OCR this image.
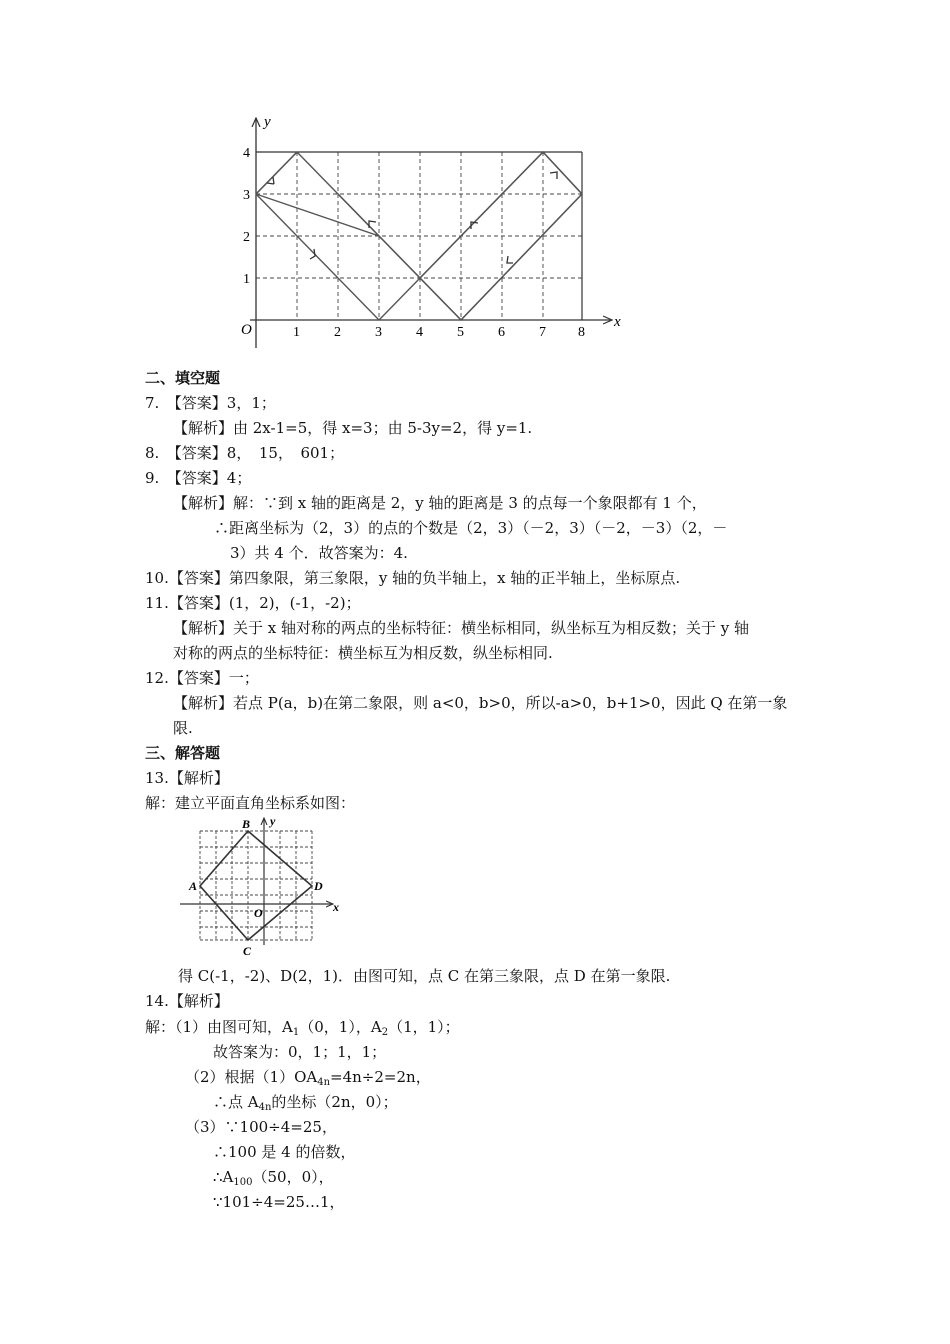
y
x
O	1 2 3 4 5 6 7 8
1
2
3
4
二、填空题
7.　【答案】3，1；
【解析】由 2x-1=5，得 x=3；由 5-3y=2，得 y=1.
8.　【答案】8，　15，　601；
9.　【答案】4；
【解析】解：∵到 x 轴的距离是 2，y 轴的距离是 3 的点每一个象限都有 1 个，
∴距离坐标为（2，3）的点的个数是（2，3）（－2，3）（－2，－3）（2，－
3）共 4 个．故答案为：4.
10.【答案】第四象限，第三象限，y 轴的负半轴上，x 轴的正半轴上，坐标原点.
11.【答案】(1，2)，(-1，-2)；
【解析】关于 x 轴对称的两点的坐标特征：横坐标相同，纵坐标互为相反数；关于 y 轴
对称的两点的坐标特征：横坐标互为相反数，纵坐标相同.
12.【答案】一；
【解析】若点 P(a，b)在第二象限，则 a<0，b>0，所以-a>0，b+1>0，因此 Q 在第一象
限.
三、解答题
13.【解析】
解：建立平面直角坐标系如图：
B
A	D
C
O	x
y
得 C(-1，-2)、D(2，1)．由图可知，点 C 在第三象限，点 D 在第一象限.
14.【解析】
解：（1）由图可知，$A_1(0$，1），$A_2(1$，1）；
故答案为：0，1；1，1；
（2）根据$(1)OA_{4n}=4n\div 2=2n$，
∴点 $A_{4n}$的坐标（2n，0）；
（3）∵100÷4=25，
∴100 是 4 的倍数，
$\therefore A_{100}(50$，0），
∵101÷4=25…1，
